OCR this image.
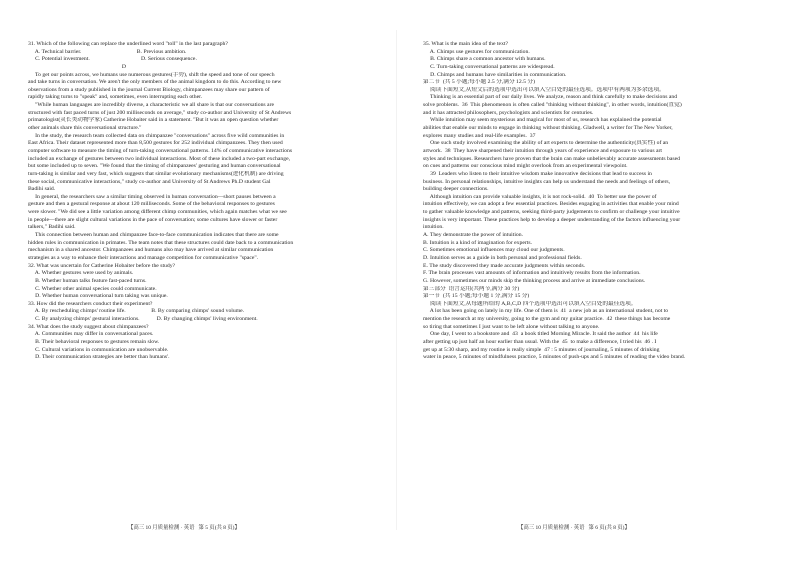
31. Which of the following can replace the underlined word "toll" in the last paragraph?
A. Technical barrier.                                       B. Previous ambition.
C. Potential investment.                                    D. Serious consequence.
D
To get our points across, we humans use numerous gestures(手势), shift the speed and tone of our speech
and take turns in conversation. We aren't the only members of the animal kingdom to do this. According to new
observations from a study published in the journal Current Biology, chimpanzees may share our pattern of
rapidly taking turns to "speak" and, sometimes, even interrupting each other.
"While human languages are incredibly diverse, a characteristic we all share is that our conversations are
structured with fast paced turns of just 200 milliseconds on average," study co-author and University of St Andrews
primatologist(灵长类动物学家) Catherine Hobaiter said in a statement. "But it was an open question whether
other animals share this conversational structure."
In the study, the research team collected data on chimpanzee "conversations" across five wild communities in
East Africa. Their dataset represented more than 8,500 gestures for 252 individual chimpanzees. They then used
computer software to measure the timing of turn-taking conversational patterns. 14% of communicative interactions
included an exchange of gestures between two individual interactions. Most of these included a two-part exchange,
but some included up to seven. "We found that the timing of chimpanzees' gesturing and human conversational
turn-taking is similar and very fast, which suggests that similar evolutionary mechanisms(进化机制) are driving
these social, communicative interactions," study co-author and University of St Andrews Ph.D student Gal
Badihi said.
In general, the researchers saw a similar timing observed in human conversation—short pauses between a
gesture and then a gestural response at about 120 milliseconds. Some of the behavioral responses to gestures
were slower. "We did see a little variation among different chimp communities, which again matches what we see
in people—there are slight cultural variations in the pace of conversation; some cultures have slower or faster
talkers," Badihi said.
This connection between human and chimpanzee face-to-face communication indicates that there are some
hidden rules in communication in primates. The team notes that these structures could date back to a communication
mechanism in a shared ancestor. Chimpanzees and humans also may have arrived at similar communication
strategies as a way to enhance their interactions and manage competition for communicative "space".
32. What was uncertain for Catherine Hobaiter before the study?
A. Whether gestures were used by animals.
B. Whether human talks feature fast-paced turns.
C. Whether other animal species could communicate.
D. Whether human conversational turn taking was unique.
33. How did the researchers conduct their experiment?
A. By rescheduling chimps' routine life.                  B. By comparing chimps' sound volume.
C. By analyzing chimps' gestural interactions.            D. By changing chimps' living environment.
34. What does the study suggest about chimpanzees?
A. Communities may differ in conversational paces.
B. Their behavioral responses to gestures remain slow.
C. Cultural variations in communication are unobservable.
D. Their communication strategies are better than humans'.
35. What is the main idea of the text?
A. Chimps use gestures for communication.
B. Chimps share a common ancestor with humans.
C. Turn-taking conversational patterns are widespread.
D. Chimps and humans have similarities in communication.
第二节  (共 5 小题;每小题 2.5 分,满分 12.5 分)
阅读下面短文,从短文后的选项中选出可以填入空白处的最佳选项。选项中有两项为多余选项。
Thinking is an essential part of our daily lives. We analyze, reason and think carefully to make decisions and
solve problems.  36  This phenomenon is often called "thinking without thinking", in other words, intuition(直觉)
and it has attracted philosophers, psychologists and scientists for centuries.
While intuition may seem mysterious and magical for most of us, research has explained the potential
abilities that enable our minds to engage in thinking without thinking. Gladwell, a writer for The New Yorker,
explores many studies and real-life examples.  37
One such study involved examining the ability of art experts to determine the authenticity(真实性) of an
artwork.  38  They have sharpened their intuition through years of experience and exposure to various art
styles and techniques. Researchers have proven that the brain can make unbelievably accurate assessments based
on cues and patterns our conscious mind might overlook from an experimental viewpoint.
39  Leaders who listen to their intuitive wisdom make innovative decisions that lead to success in
business. In personal relationships, intuitive insights can help us understand the needs and feelings of others,
building deeper connections.
Although intuition can provide valuable insights, it is not rock-solid.  40  To better use the power of
intuition effectively, we can adopt a few essential practices. Besides engaging in activities that enable your mind
to gather valuable knowledge and patterns, seeking third-party judgements to confirm or challenge your intuitive
insights is very important. These practices help to develop a deeper understanding of the factors influencing your
intuition.
A. They demonstrate the power of intuition.
B. Intuition is a kind of imagination for experts.
C. Sometimes emotional influences may cloud our judgments.
D. Intuition serves as a guide in both personal and professional fields.
E. The study discovered they made accurate judgments within seconds.
F. The brain processes vast amounts of information and intuitively results from the information.
G. However, sometimes our minds skip the thinking process and arrive at immediate conclusions.
第三部分  语言运用(共两节,满分 30 分)
第一节  (共 15 小题;每小题 1 分,满分 15 分)
阅读下面短文,从每题所给的 A,B,C,D 四个选项中选出可以填入空白处的最佳选项。
A lot has been going on lately in my life. One of them is  41  a new job as an international student, not to
mention the research at my university, going to the gym and my guitar practice.  42  these things has become
so tiring that sometimes I just want to be left alone without talking to anyone.
One day, I went to a bookstore and  43  a book titled Morning Miracle. It said the author  44  his life
after getting up just half an hour earlier than usual. With the  45  to make a difference, I tried his  46 . I
get up at 5:30 sharp, and my routine is really simple  47 : 5 minutes of journaling, 5 minutes of drinking
water in peace, 5 minutes of mindfulness practice, 5 minutes of push-ups and 5 minutes of reading the video brand.
【高三 10 月质量检测 · 英语   第 5 页(共 8 页)】	【高三 10 月质量检测 · 英语   第 6 页(共 8 页)】
